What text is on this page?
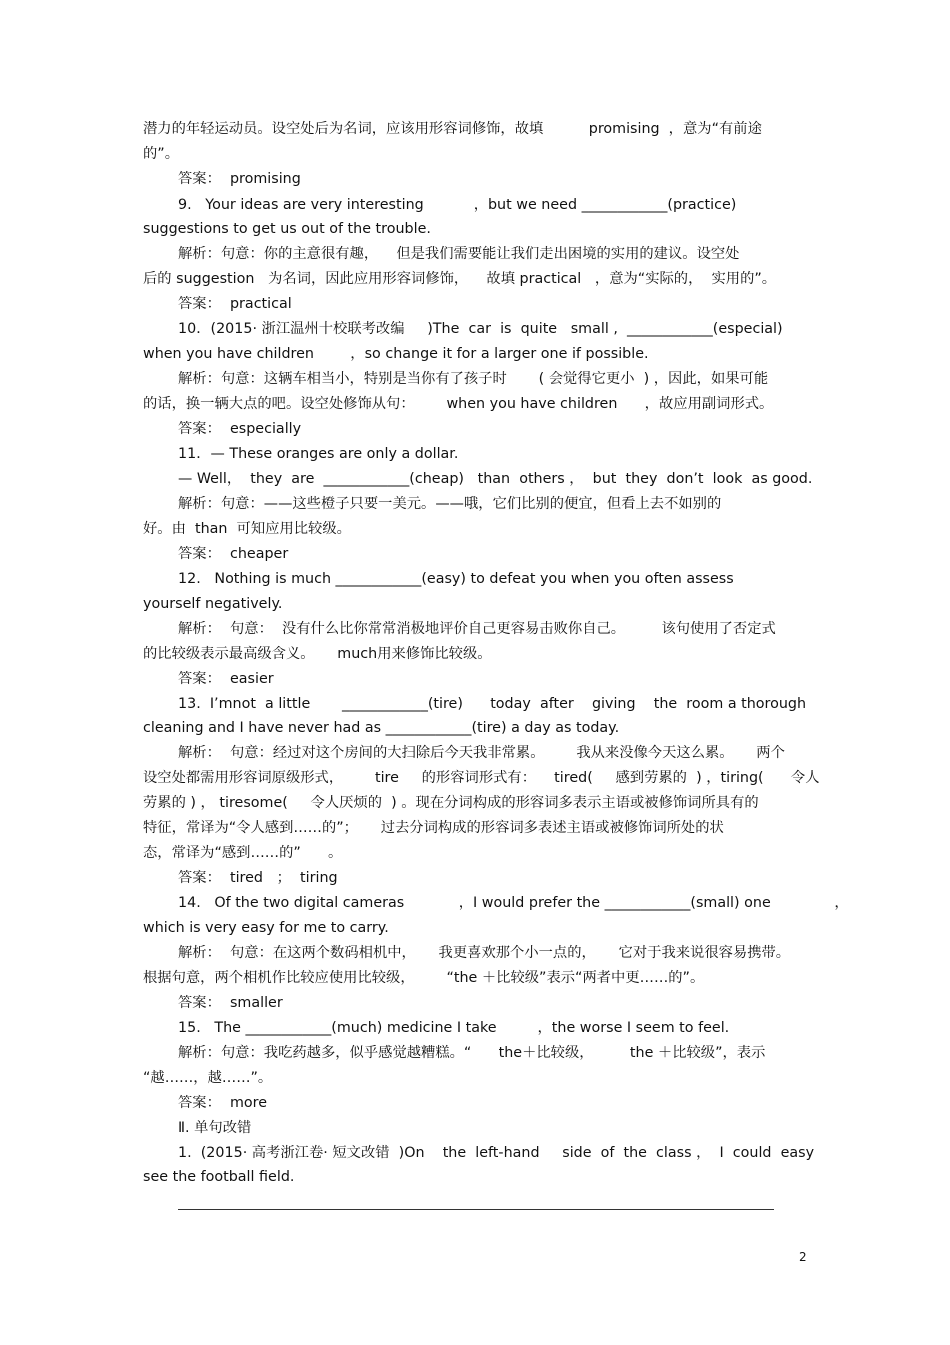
2

潜力的年轻运动员。设空处后为名词，应该用形容词修饰，故填          promising  ，意为“有前途

的”。

答案：  promising

9.   Your ideas are very interesting           ，but we need ____________(practice)

suggestions to get us out of the trouble.

解析：句意：你的主意很有趣，    但是我们需要能让我们走出困境的实用的建议。设空处

后的 suggestion   为名词，因此应用形容词修饰，    故填 practical   ，意为“实际的，  实用的”。

答案：  practical

10．(2015· 浙江温州十校联考改编     )The  car  is  quite   small ,  ____________(especial)

when you have children        ，so change it for a larger one if possible.

解析：句意：这辆车相当小，特别是当你有了孩子时       ( 会觉得它更小  ) ，因此，如果可能

的话，换一辆大点的吧。设空处修饰从句：       when you have children      ，故应用副词形式。

答案：  especially

11．— These oranges are only a dollar.

— Well，  they  are  ____________(cheap)   than  others ，  but  they  don’t  look  as good.

解析：句意：——这些橙子只要一美元。——哦，它们比别的便宜，但看上去不如别的

好。由  than  可知应用比较级。

答案：  cheaper

12.   Nothing is much ____________(easy) to defeat you when you often assess

yourself negatively.

解析：  句意：  没有什么比你常常消极地评价自己更容易击败你自己。        该句使用了否定式

的比较级表示最高级含义。     much用来修饰比较级。

答案：  easier

13.  I’mnot  a little       ____________(tire)      today  after    giving    the  room a thorough

cleaning and I have never had as ____________(tire) a day as today.

解析：  句意：经过对这个房间的大扫除后今天我非常累。       我从来没像今天这么累。     两个

设空处都需用形容词原级形式，       tire     的形容词形式有：    tired(     感到劳累的  ) ，tiring(      令人

劳累的 ) ， tiresome(     令人厌烦的  ) 。现在分词构成的形容词多表示主语或被修饰词所具有的

特征，常译为“令人感到……的”；     过去分词构成的形容词多表述主语或被修饰词所处的状

态，常译为“感到……的”      。

答案：  tired   ；  tiring

14.   Of the two digital cameras            ，I would prefer the ____________(small) one              ，

which is very easy for me to carry.

解析：  句意：在这两个数码相机中，     我更喜欢那个小一点的，     它对于我来说很容易携带。

根据句意，两个相机作比较应使用比较级，       “the ＋比较级”表示“两者中更……的”。

答案：  smaller

15.   The ____________(much) medicine I take         ，the worse I seem to feel.

解析：句意：我吃药越多，似乎感觉越糟糕。“      the＋比较级，        the ＋比较级”，表示

“越……，越……”。

答案：  more

Ⅱ. 单句改错

1.  (2015· 高考浙江卷· 短文改错  )On    the  left-hand     side  of  the  class ，  I  could  easy

see the football field.
